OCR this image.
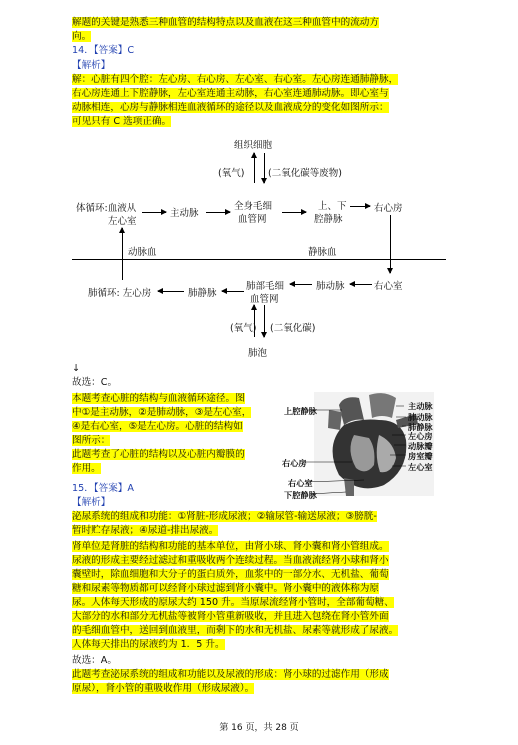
解题的关键是熟悉三种血管的结构特点以及血液在这三种血管中的流动方
向。
14．【答案】C
【解析】
解：心脏有四个腔：左心房、右心房、左心室、右心室。左心房连通肺静脉，
右心房连通上下腔静脉，左心室连通主动脉，右心室连通肺动脉。即心室与
动脉相连，心房与静脉相连血液循环的途径以及血液成分的变化如图所示：
可见只有 C 选项正确。
组织细胞
(氧气) (二氧化碳等废物)
体循环:血液从
左心室
主动脉
全身毛细
血管网
上、下
腔静脉
右心房
动脉血	静脉血
肺循环: 左心房	肺静脉
肺部毛细
血管网
肺动脉	右心室
(氧气) (二氧化碳)
肺泡
↓
故选：C。
本题考查心脏的结构与血液循环途径。图
中①是主动脉，②是肺动脉，③是左心室，
④是右心室，⑤是左心房。心脏的结构如
图所示：
此题考查了心脏的结构以及心脏内瓣膜的
作用。
上腔静脉	主动脉
肺动脉
肺静脉
左心房
动脉瓣
房室瓣
左心室
右心房
右心室
下腔静脉
15．【答案】A
【解析】
泌尿系统的组成和功能：①肾脏-形成尿液；②输尿管-输送尿液；③膀胱-
暂时贮存尿液；④尿道-排出尿液。
肾单位是肾脏的结构和功能的基本单位，由肾小球、肾小囊和肾小管组成。
尿液的形成主要经过滤过和重吸收两个连续过程。当血液流经肾小球和肾小
囊壁时，除血细胞和大分子的蛋白质外，血浆中的一部分水、无机盐、葡萄
糖和尿素等物质都可以经肾小球过滤到肾小囊中。肾小囊中的液体称为原
尿。人体每天形成的原尿大约 150 升。当原尿流经肾小管时，全部葡萄糖、
大部分的水和部分无机盐等被肾小管重新吸收，并且进入包绕在肾小管外面
的毛细血管中，送回到血液里，而剩下的水和无机盐、尿素等就形成了尿液。
人体每天排出的尿液约为 1．5 升。
故选：A。
此题考查泌尿系统的组成和功能以及尿液的形成：肾小球的过滤作用（形成
原尿），肾小管的重吸收作用（形成尿液）。
第 16 页，共 28 页
